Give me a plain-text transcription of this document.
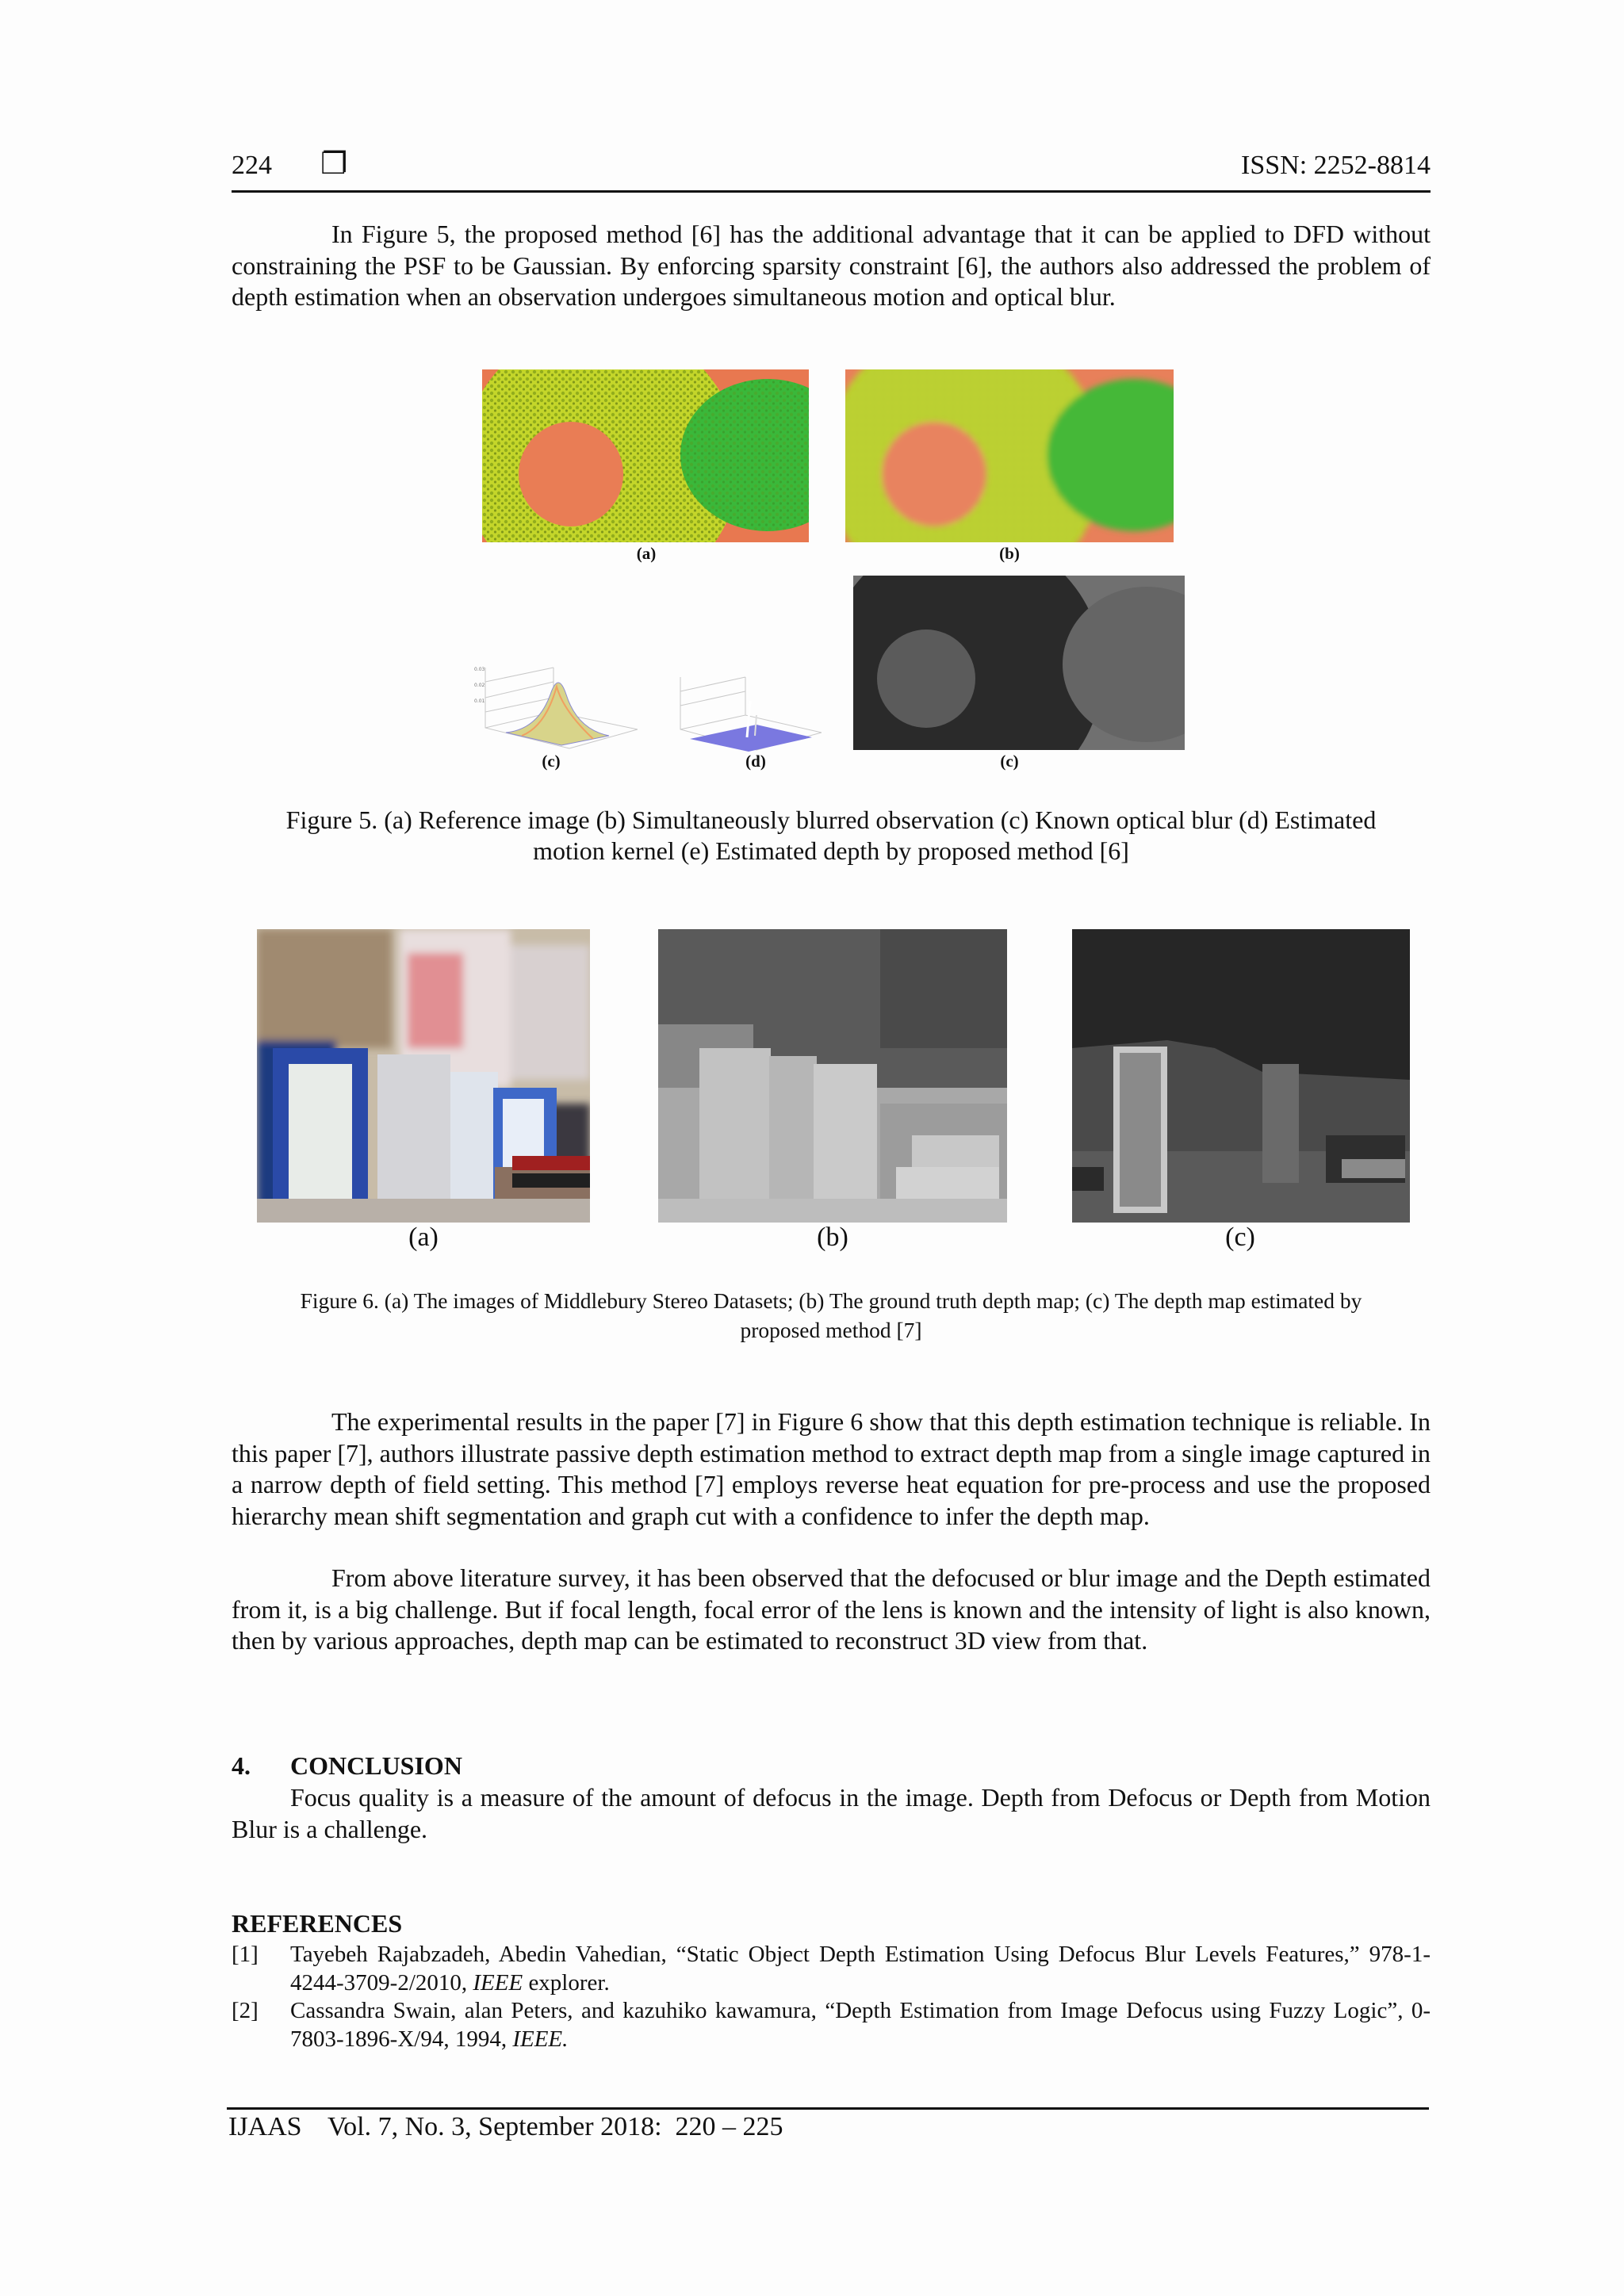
224 ❐	ISSN: 2252-8814
In Figure 5, the proposed method [6] has the additional advantage that it can be applied to DFD without constraining the PSF to be Gaussian. By enforcing sparsity constraint [6], the authors also addressed the problem of depth estimation when an observation undergoes simultaneous motion and optical blur.
(a)	(b)
0.03
0.02
0.01
(c)	(d)	(c)
Figure 5. (a) Reference image (b) Simultaneously blurred observation (c) Known optical blur (d) Estimated
motion kernel (e) Estimated depth by proposed method [6]
(a)	(b)	(c)
Figure 6. (a) The images of Middlebury Stereo Datasets; (b) The ground truth depth map; (c) The depth map estimated by
proposed method [7]
The experimental results in the paper [7] in Figure 6 show that this depth estimation technique is reliable. In this paper [7], authors illustrate passive depth estimation method to extract depth map from a single image captured in a narrow depth of field setting. This method [7] employs reverse heat equation for pre-process and use the proposed hierarchy mean shift segmentation and graph cut with a confidence to infer the depth map.
From above literature survey, it has been observed that the defocused or blur image and the Depth estimated from it, is a big challenge. But if focal length, focal error of the lens is known and the intensity of light is also known, then by various approaches, depth map can be estimated to reconstruct 3D view from that.
4. CONCLUSION
Focus quality is a measure of the amount of defocus in the image. Depth from Defocus or Depth from Motion Blur is a challenge.
REFERENCES
[1] Tayebeh Rajabzadeh, Abedin Vahedian, “Static Object Depth Estimation Using Defocus Blur Levels Features,” 978-1-4244-3709-2/2010, IEEE explorer.
[2] Cassandra Swain, alan Peters, and kazuhiko kawamura, “Depth Estimation from Image Defocus using Fuzzy Logic”, 0-7803-1896-X/94, 1994, IEEE.
IJAAS Vol. 7, No. 3, September 2018:  220 – 225
